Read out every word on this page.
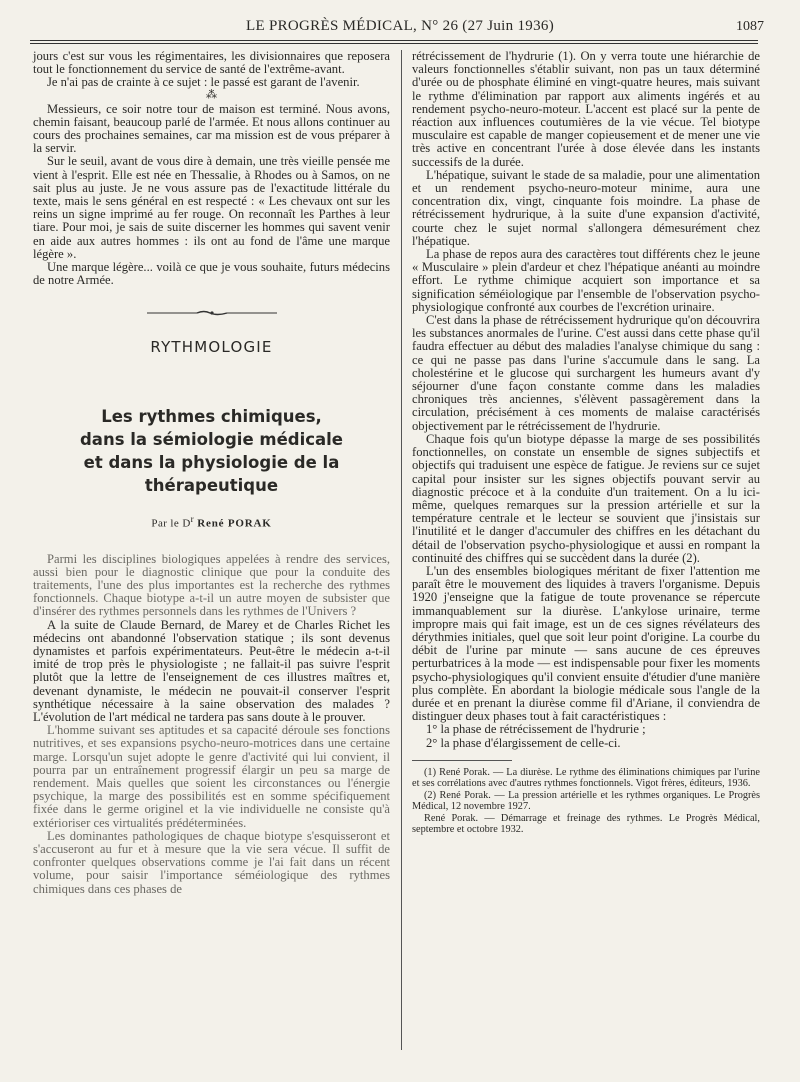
LE PROGRÈS MÉDICAL, N° 26 (27 Juin 1936)	1087

jours c'est sur vous les régimentaires, les divisionnaires que reposera tout le fonctionnement du service de santé de l'extrême-avant.

Je n'ai pas de crainte à ce sujet : le passé est garant de l'avenir.

⁂

Messieurs, ce soir notre tour de maison est terminé. Nous avons, chemin faisant, beaucoup parlé de l'armée. Et nous allons continuer au cours des prochaines semaines, car ma mission est de vous préparer à la servir.

Sur le seuil, avant de vous dire à demain, une très vieille pensée me vient à l'esprit. Elle est née en Thessalie, à Rhodes ou à Samos, on ne sait plus au juste. Je ne vous assure pas de l'exactitude littérale du texte, mais le sens général en est respecté : « Les chevaux ont sur les reins un signe imprimé au fer rouge. On reconnaît les Parthes à leur tiare. Pour moi, je sais de suite discerner les hommes qui savent venir en aide aux autres hommes : ils ont au fond de l'âme une marque légère ».

Une marque légère... voilà ce que je vous souhaite, futurs médecins de notre Armée.

RYTHMOLOGIE
Les rythmes chimiques,
dans la sémiologie médicale
et dans la physiologie de la thérapeutique
Par le $D^r$ René PORAK

Parmi les disciplines biologiques appelées à rendre des services, aussi bien pour le diagnostic clinique que pour la conduite des traitements, l'une des plus importantes est la recherche des rythmes fonctionnels. Chaque biotype a-t-il un autre moyen de subsister que d'insérer des rythmes personnels dans les rythmes de l'Univers ?

A la suite de Claude Bernard, de Marey et de Charles Richet les médecins ont abandonné l'observation statique ; ils sont devenus dynamistes et parfois expérimentateurs. Peut-être le médecin a-t-il imité de trop près le physiologiste ; ne fallait-il pas suivre l'esprit plutôt que la lettre de l'enseignement de ces illustres maîtres et, devenant dynamiste, le médecin ne pouvait-il conserver l'esprit synthétique nécessaire à la saine observation des malades ? L'évolution de l'art médical ne tardera pas sans doute à le prouver.

L'homme suivant ses aptitudes et sa capacité déroule ses fonctions nutritives, et ses expansions psycho-neuro-motrices dans une certaine marge. Lorsqu'un sujet adopte le genre d'activité qui lui convient, il pourra par un entraînement progressif élargir un peu sa marge de rendement. Mais quelles que soient les circonstances ou l'énergie psychique, la marge des possibilités est en somme spécifiquement fixée dans le germe originel et la vie individuelle ne consiste qu'à extérioriser ces virtualités prédéterminées.

Les dominantes pathologiques de chaque biotype s'esquisseront et s'accuseront au fur et à mesure que la vie sera vécue. Il suffit de confronter quelques observations comme je l'ai fait dans un récent volume, pour saisir l'importance séméiologique des rythmes chimiques dans ces phases de

rétrécissement de l'hydrurie (1). On y verra toute une hiérarchie de valeurs fonctionnelles s'établir suivant, non pas un taux déterminé d'urée ou de phosphate éliminé en vingt-quatre heures, mais suivant le rythme d'élimination par rapport aux aliments ingérés et au rendement psycho-neuro-moteur. L'accent est placé sur la pente de réaction aux influences coutumières de la vie vécue. Tel biotype musculaire est capable de manger copieusement et de mener une vie très active en concentrant l'urée à dose élevée dans les instants successifs de la durée.

L'hépatique, suivant le stade de sa maladie, pour une alimentation et un rendement psycho-neuro-moteur minime, aura une concentration dix, vingt, cinquante fois moindre. La phase de rétrécissement hydrurique, à la suite d'une expansion d'activité, courte chez le sujet normal s'allongera démesurément chez l'hépatique.

La phase de repos aura des caractères tout différents chez le jeune « Musculaire » plein d'ardeur et chez l'hépatique anéanti au moindre effort. Le rythme chimique acquiert son importance et sa signification séméiologique par l'ensemble de l'observation psycho-physiologique confronté aux courbes de l'excrétion urinaire.

C'est dans la phase de rétrécissement hydrurique qu'on découvrira les substances anormales de l'urine. C'est aussi dans cette phase qu'il faudra effectuer au début des maladies l'analyse chimique du sang : ce qui ne passe pas dans l'urine s'accumule dans le sang. La cholestérine et le glucose qui surchargent les humeurs avant d'y séjourner d'une façon constante comme dans les maladies chroniques très anciennes, s'élèvent passagèrement dans la circulation, précisément à ces moments de malaise caractérisés objectivement par le rétrécissement de l'hydrurie.

Chaque fois qu'un biotype dépasse la marge de ses possibilités fonctionnelles, on constate un ensemble de signes subjectifs et objectifs qui traduisent une espèce de fatigue. Je reviens sur ce sujet capital pour insister sur les signes objectifs pouvant servir au diagnostic précoce et à la conduite d'un traitement. On a lu ici-même, quelques remarques sur la pression artérielle et sur la température centrale et le lecteur se souvient que j'insistais sur l'inutilité et le danger d'accumuler des chiffres en les détachant du détail de l'observation psycho-physiologique et aussi en rompant la continuité des chiffres qui se succèdent dans la durée (2).

L'un des ensembles biologiques méritant de fixer l'attention me paraît être le mouvement des liquides à travers l'organisme. Depuis 1920 j'enseigne que la fatigue de toute provenance se répercute immanquablement sur la diurèse. L'ankylose urinaire, terme impropre mais qui fait image, est un de ces signes révélateurs des dérythmies initiales, quel que soit leur point d'origine. La courbe du débit de l'urine par minute — sans aucune de ces épreuves perturbatrices à la mode — est indispensable pour fixer les moments psycho-physiologiques qu'il convient ensuite d'étudier d'une manière plus complète. En abordant la biologie médicale sous l'angle de la durée et en prenant la diurèse comme fil d'Ariane, il conviendra de distinguer deux phases tout à fait caractéristiques :

1° la phase de rétrécissement de l'hydrurie ;

2° la phase d'élargissement de celle-ci.

(1) René Porak. — La diurèse. Le rythme des éliminations chimiques par l'urine et ses corrélations avec d'autres rythmes fonctionnels. Vigot frères, éditeurs, 1936.

(2) René Porak. — La pression artérielle et les rythmes organiques. Le Progrès Médical, 12 novembre 1927.

René Porak. — Démarrage et freinage des rythmes. Le Progrès Médical, septembre et octobre 1932.
